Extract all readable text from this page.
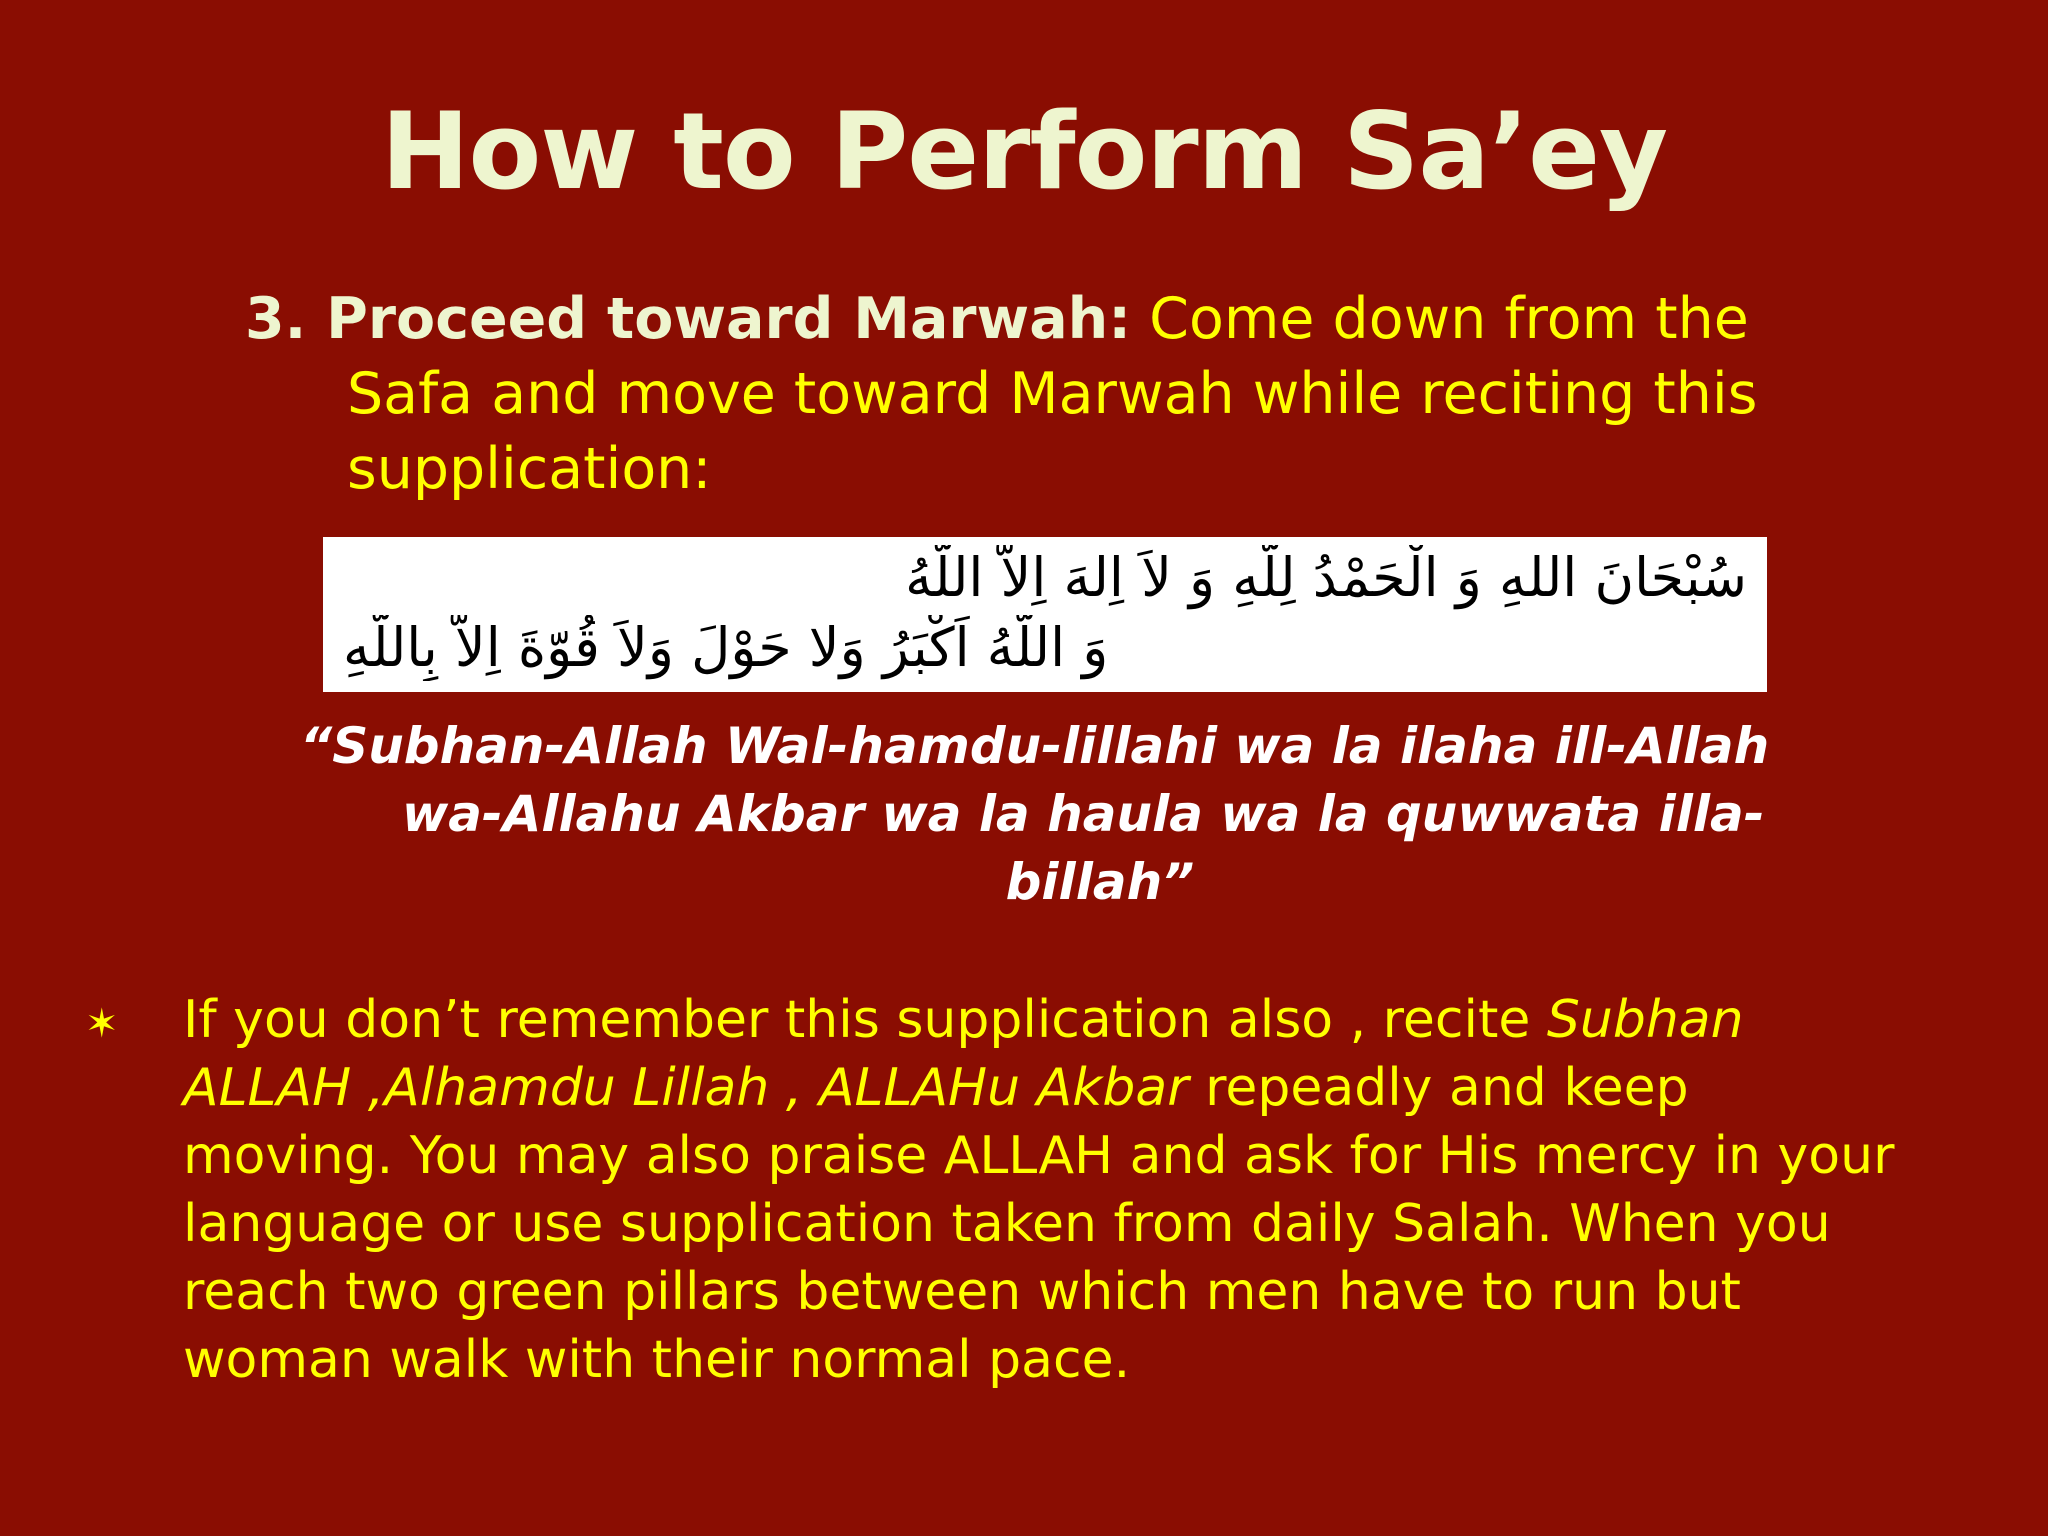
How to Perform Sa’ey
3. Proceed toward Marwah: Come down from the
Safa and move toward Marwah while reciting this
supplication:
سُبْحَانَ اللهِ وَ الْحَمْدُ لِلّهِ وَ لاَ اِلهَ اِلاّ اللّهُ
وَ اللّهُ اَكْبَرُ وَلا حَوْلَ وَلاَ قُوّةَ اِلاَّ بِاللّهِ
“Subhan-Allah Wal-hamdu-lillahi wa la ilaha ill-Allah
wa-Allahu Akbar wa la haula wa la quwwata illa-
billah”
✶	If you don’t remember this supplication also , recite Subhan
ALLAH ,Alhamdu Lillah , ALLAHu Akbar repeadly and keep
moving. You may also praise ALLAH and ask for His mercy in your
language or use supplication taken from daily Salah. When you
reach two green pillars between which men have to run but
woman walk with their normal pace.
